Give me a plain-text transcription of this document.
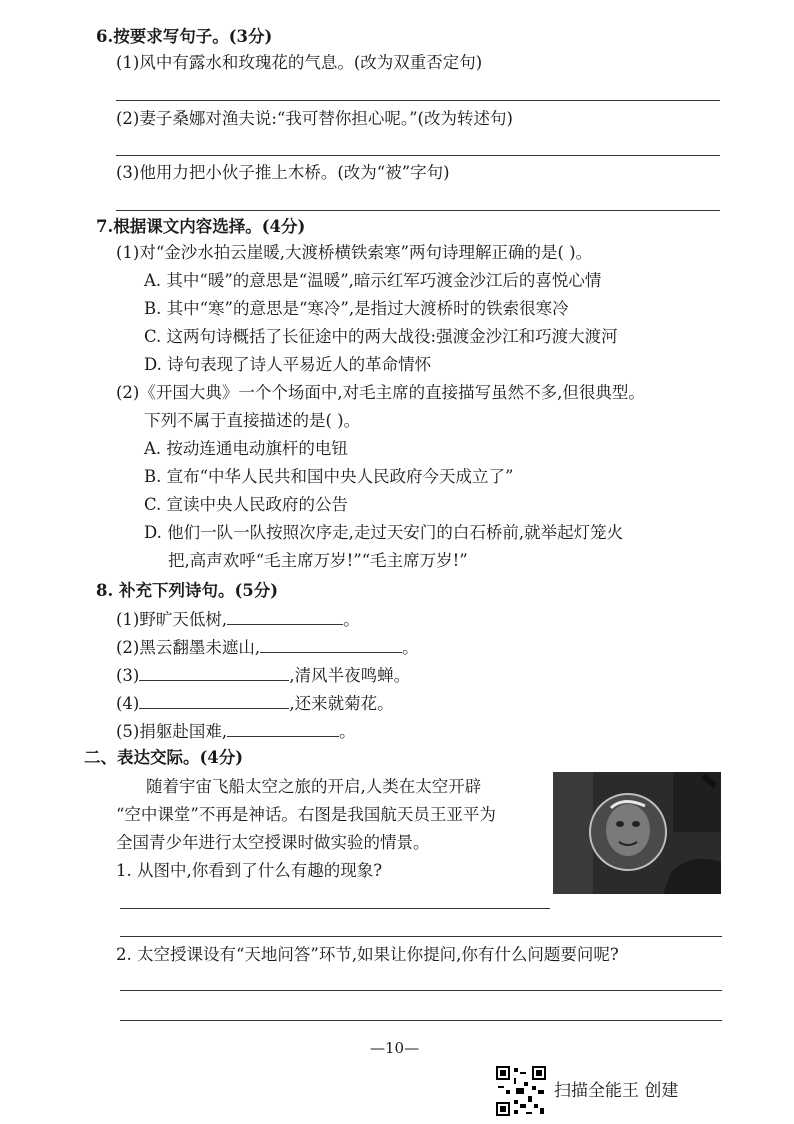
6.按要求写句子。(3分)
(1)风中有露水和玫瑰花的气息。(改为双重否定句)
(2)妻子桑娜对渔夫说:“我可替你担心呢。”(改为转述句)
(3)他用力把小伙子推上木桥。(改为“被”字句)
7.根据课文内容选择。(4分)
(1)对“金沙水拍云崖暖,大渡桥横铁索寒”两句诗理解正确的是( )。
A. 其中“暖”的意思是“温暖”,暗示红军巧渡金沙江后的喜悦心情
B. 其中“寒”的意思是“寒冷”,是指过大渡桥时的铁索很寒冷
C. 这两句诗概括了长征途中的两大战役:强渡金沙江和巧渡大渡河
D. 诗句表现了诗人平易近人的革命情怀
(2)《开国大典》一个个场面中,对毛主席的直接描写虽然不多,但很典型。
下列不属于直接描述的是( )。
A. 按动连通电动旗杆的电钮
B. 宣布“中华人民共和国中央人民政府今天成立了”
C. 宣读中央人民政府的公告
D. 他们一队一队按照次序走,走过天安门的白石桥前,就举起灯笼火
把,高声欢呼“毛主席万岁!”“毛主席万岁!”
8. 补充下列诗句。(5分)
(1)野旷天低树,	。
(2)黑云翻墨未遮山,	。
(3)	,清风半夜鸣蝉。
(4)	,还来就菊花。
(5)捐躯赴国难,	。
二、表达交际。(4分)
随着宇宙飞船太空之旅的开启,人类在太空开辟
“空中课堂”不再是神话。右图是我国航天员王亚平为
全国青少年进行太空授课时做实验的情景。
1. 从图中,你看到了什么有趣的现象?
2. 太空授课设有“天地问答”环节,如果让你提问,你有什么问题要问呢?
—10—
扫描全能王 创建
